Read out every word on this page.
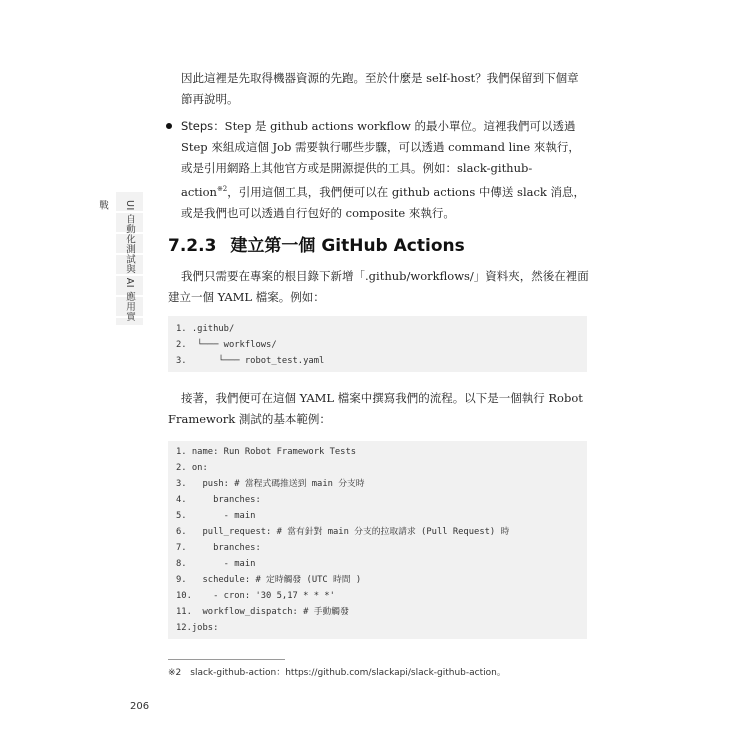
UI 自動化測試與 AI 應用實戰

因此這裡是先取得機器資源的先跑。至於什麼是 self-host？我們保留到下個章節再說明。

Steps：Step 是 github actions workflow 的最小單位。這裡我們可以透過 Step 來組成這個 Job 需要執行哪些步驟，可以透過 command line 來執行，或是引用網路上其他官方或是開源提供的工具。例如：slack-github-action$^{※2}$，引用這個工具，我們便可以在 github actions 中傳送 slack 消息，或是我們也可以透過自行包好的 composite 來執行。

7.2.3 建立第一個 GitHub Actions

我們只需要在專案的根目錄下新增「.github/workflows/」資料夾，然後在裡面建立一個 YAML 檔案。例如：

1. .github/
2.  └─── workflows/
3.      └─── robot_test.yaml

接著，我們便可在這個 YAML 檔案中撰寫我們的流程。以下是一個執行 Robot Framework 測試的基本範例：

1. name: Run Robot Framework Tests
2. on:
3.   push: # 當程式碼推送到 main 分支時
4.     branches:
5.       - main
6.   pull_request: # 當有針對 main 分支的拉取請求 (Pull Request) 時
7.     branches:
8.       - main
9.   schedule: # 定時觸發 (UTC 時間 )
10.    - cron: '30 5,17 * * *'
11.  workflow_dispatch: # 手動觸發
12.jobs:
※2 slack-github-action：https://github.com/slackapi/slack-github-action。
206
